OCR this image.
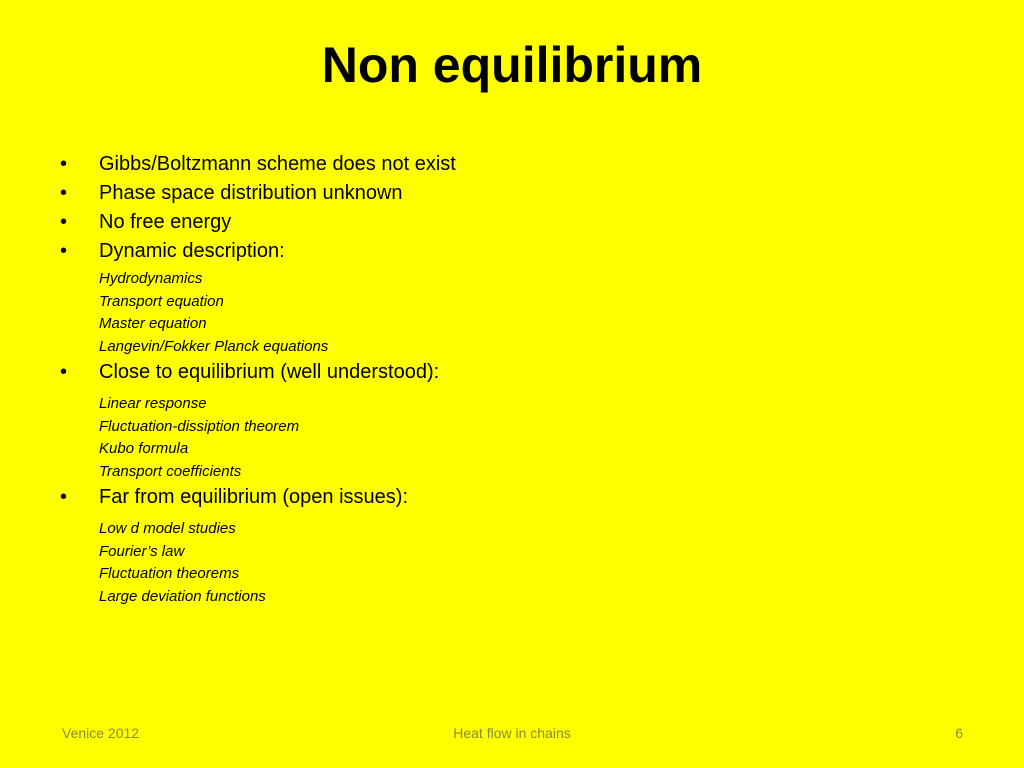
Non equilibrium
•	Gibbs/Boltzmann scheme does not exist
•	Phase space distribution unknown
•	No free energy
•	Dynamic description:
Hydrodynamics
Transport equation
Master equation
Langevin/Fokker Planck equations
•	Close to equilibrium (well understood):
Linear response
Fluctuation-dissiption theorem
Kubo formula
Transport coefficients
•	Far from equilibrium (open issues):
Low d model studies
Fourier’s law
Fluctuation theorems
Large deviation functions
Venice 2012	Heat flow in chains	6
